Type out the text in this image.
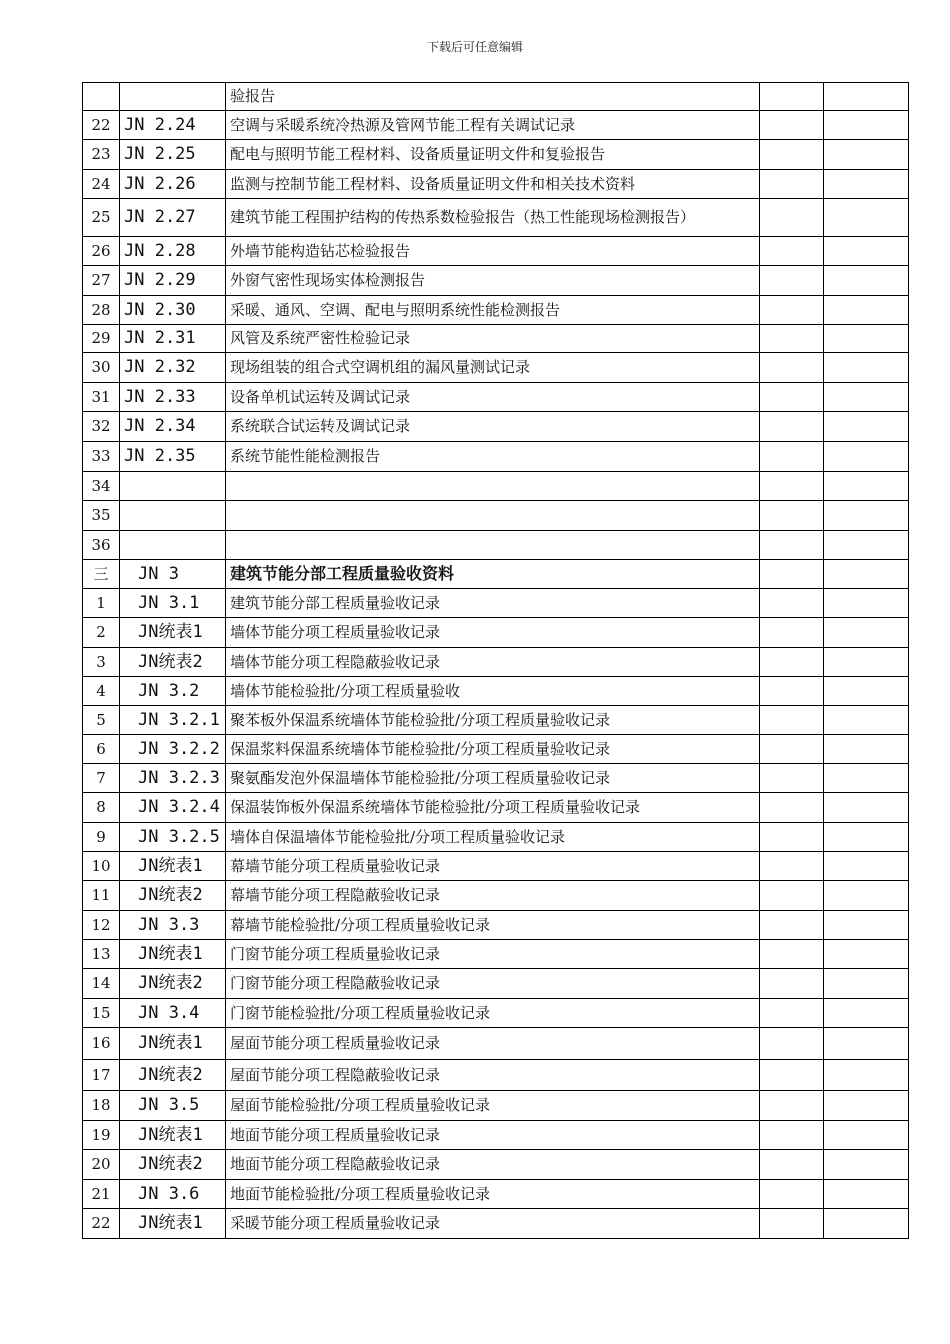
下载后可任意编辑
		验报告		
22	JN 2.24	空调与采暖系统冷热源及管网节能工程有关调试记录		
23	JN 2.25	配电与照明节能工程材料、设备质量证明文件和复验报告		
24	JN 2.26	监测与控制节能工程材料、设备质量证明文件和相关技术资料		
25	JN 2.27	建筑节能工程围护结构的传热系数检验报告（热工性能现场检测报告）		
26	JN 2.28	外墙节能构造钻芯检验报告		
27	JN 2.29	外窗气密性现场实体检测报告		
28	JN 2.30	采暖、通风、空调、配电与照明系统性能检测报告		
29	JN 2.31	风管及系统严密性检验记录		
30	JN 2.32	现场组装的组合式空调机组的漏风量测试记录		
31	JN 2.33	设备单机试运转及调试记录		
32	JN 2.34	系统联合试运转及调试记录		
33	JN 2.35	系统节能性能检测报告		
34				
35				
36				
三	JN 3	建筑节能分部工程质量验收资料		
1	JN 3.1	建筑节能分部工程质量验收记录		
2	JN统表1	墙体节能分项工程质量验收记录		
3	JN统表2	墙体节能分项工程隐蔽验收记录		
4	JN 3.2	墙体节能检验批/分项工程质量验收		
5	JN 3.2.1	聚苯板外保温系统墙体节能检验批/分项工程质量验收记录		
6	JN 3.2.2	保温浆料保温系统墙体节能检验批/分项工程质量验收记录		
7	JN 3.2.3	聚氨酯发泡外保温墙体节能检验批/分项工程质量验收记录		
8	JN 3.2.4	保温装饰板外保温系统墙体节能检验批/分项工程质量验收记录		
9	JN 3.2.5	墙体自保温墙体节能检验批/分项工程质量验收记录		
10	JN统表1	幕墙节能分项工程质量验收记录		
11	JN统表2	幕墙节能分项工程隐蔽验收记录		
12	JN 3.3	幕墙节能检验批/分项工程质量验收记录		
13	JN统表1	门窗节能分项工程质量验收记录		
14	JN统表2	门窗节能分项工程隐蔽验收记录		
15	JN 3.4	门窗节能检验批/分项工程质量验收记录		
16	JN统表1	屋面节能分项工程质量验收记录		
17	JN统表2	屋面节能分项工程隐蔽验收记录		
18	JN 3.5	屋面节能检验批/分项工程质量验收记录		
19	JN统表1	地面节能分项工程质量验收记录		
20	JN统表2	地面节能分项工程隐蔽验收记录		
21	JN 3.6	地面节能检验批/分项工程质量验收记录		
22	JN统表1	采暖节能分项工程质量验收记录		
